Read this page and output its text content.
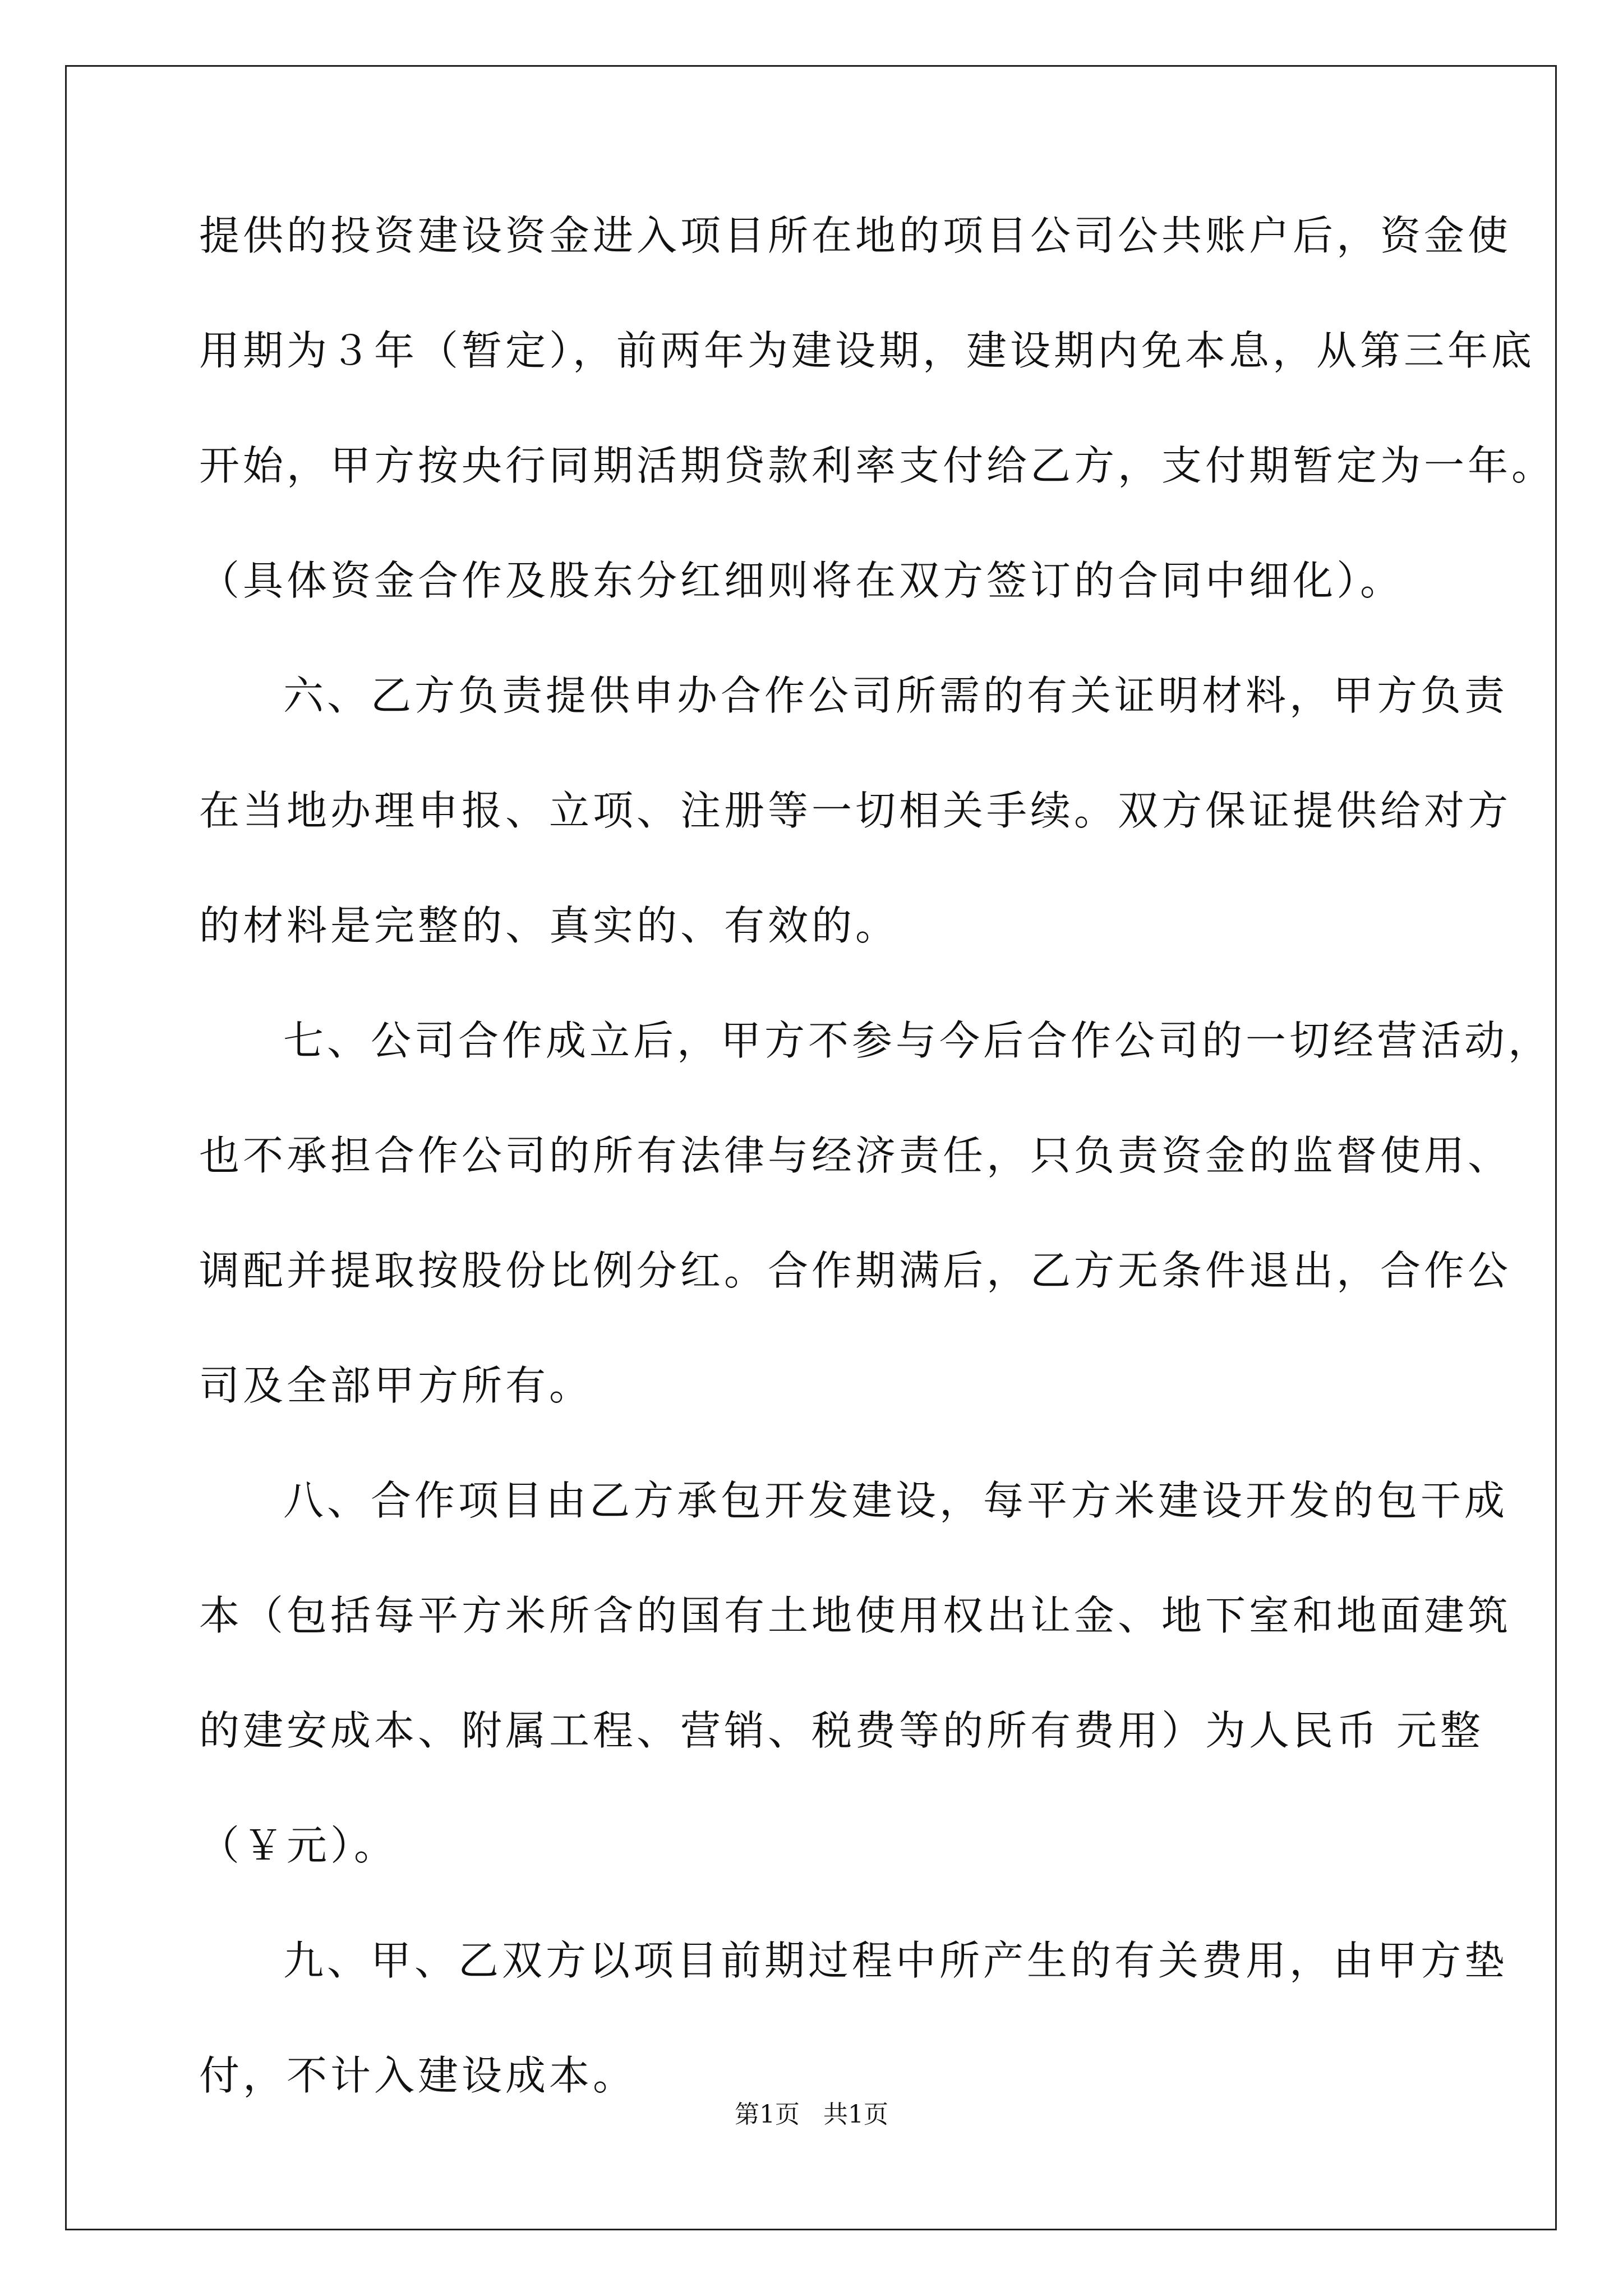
提供的投资建设资金进入项目所在地的项目公司公共账户后，资金使
用期为３年（暂定），前两年为建设期，建设期内免本息，从第三年底
开始，甲方按央行同期活期贷款利率支付给乙方，支付期暂定为一年。
（具体资金合作及股东分红细则将在双方签订的合同中细化）。
六、乙方负责提供申办合作公司所需的有关证明材料，甲方负责
在当地办理申报、立项、注册等一切相关手续。双方保证提供给对方
的材料是完整的、真实的、有效的。
七、公司合作成立后，甲方不参与今后合作公司的一切经营活动，
也不承担合作公司的所有法律与经济责任，只负责资金的监督使用、
调配并提取按股份比例分红。合作期满后，乙方无条件退出，合作公
司及全部甲方所有。
八、合作项目由乙方承包开发建设，每平方米建设开发的包干成
本（包括每平方米所含的国有土地使用权出让金、地下室和地面建筑
的建安成本、附属工程、营销、税费等的所有费用）为人民币 元整
（￥元）。
九、甲、乙双方以项目前期过程中所产生的有关费用，由甲方垫
付，不计入建设成本。
第1页   共1页
